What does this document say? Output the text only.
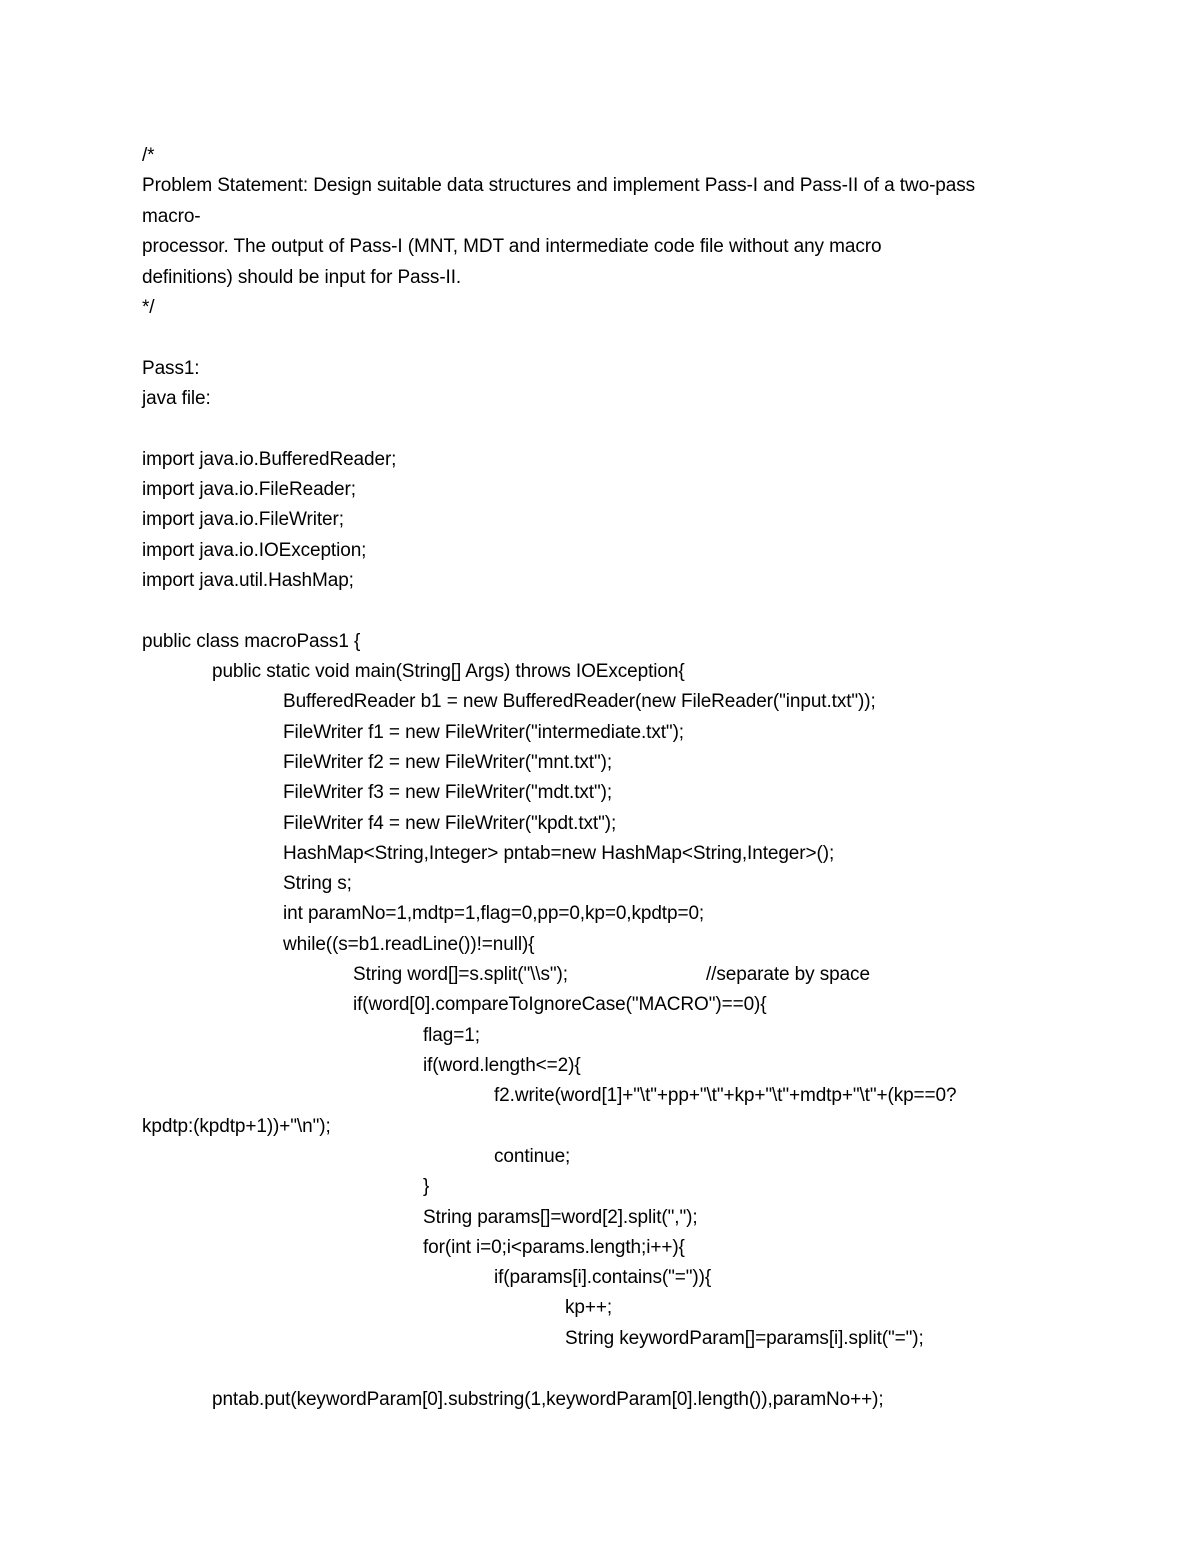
/*
Problem Statement: Design suitable data structures and implement Pass-I and Pass-II of a two-pass
macro-
processor. The output of Pass-I (MNT, MDT and intermediate code file without any macro
definitions) should be input for Pass-II.
*/
Pass1:
java file:
import java.io.BufferedReader;
import java.io.FileReader;
import java.io.FileWriter;
import java.io.IOException;
import java.util.HashMap;
public class macroPass1 {
public static void main(String[] Args) throws IOException{
BufferedReader b1 = new BufferedReader(new FileReader("input.txt"));
FileWriter f1 = new FileWriter("intermediate.txt");
FileWriter f2 = new FileWriter("mnt.txt");
FileWriter f3 = new FileWriter("mdt.txt");
FileWriter f4 = new FileWriter("kpdt.txt");
HashMap<String,Integer> pntab=new HashMap<String,Integer>();
String s;
int paramNo=1,mdtp=1,flag=0,pp=0,kp=0,kpdtp=0;
while((s=b1.readLine())!=null){
String word[]=s.split("\\s");	//separate by space
if(word[0].compareToIgnoreCase("MACRO")==0){
flag=1;
if(word.length<=2){
f2.write(word[1]+"\t"+pp+"\t"+kp+"\t"+mdtp+"\t"+(kp==0?
kpdtp:(kpdtp+1))+"\n");
continue;
}
String params[]=word[2].split(",");
for(int i=0;i<params.length;i++){
if(params[i].contains("=")){
kp++;
String keywordParam[]=params[i].split("=");
pntab.put(keywordParam[0].substring(1,keywordParam[0].length()),paramNo++);
